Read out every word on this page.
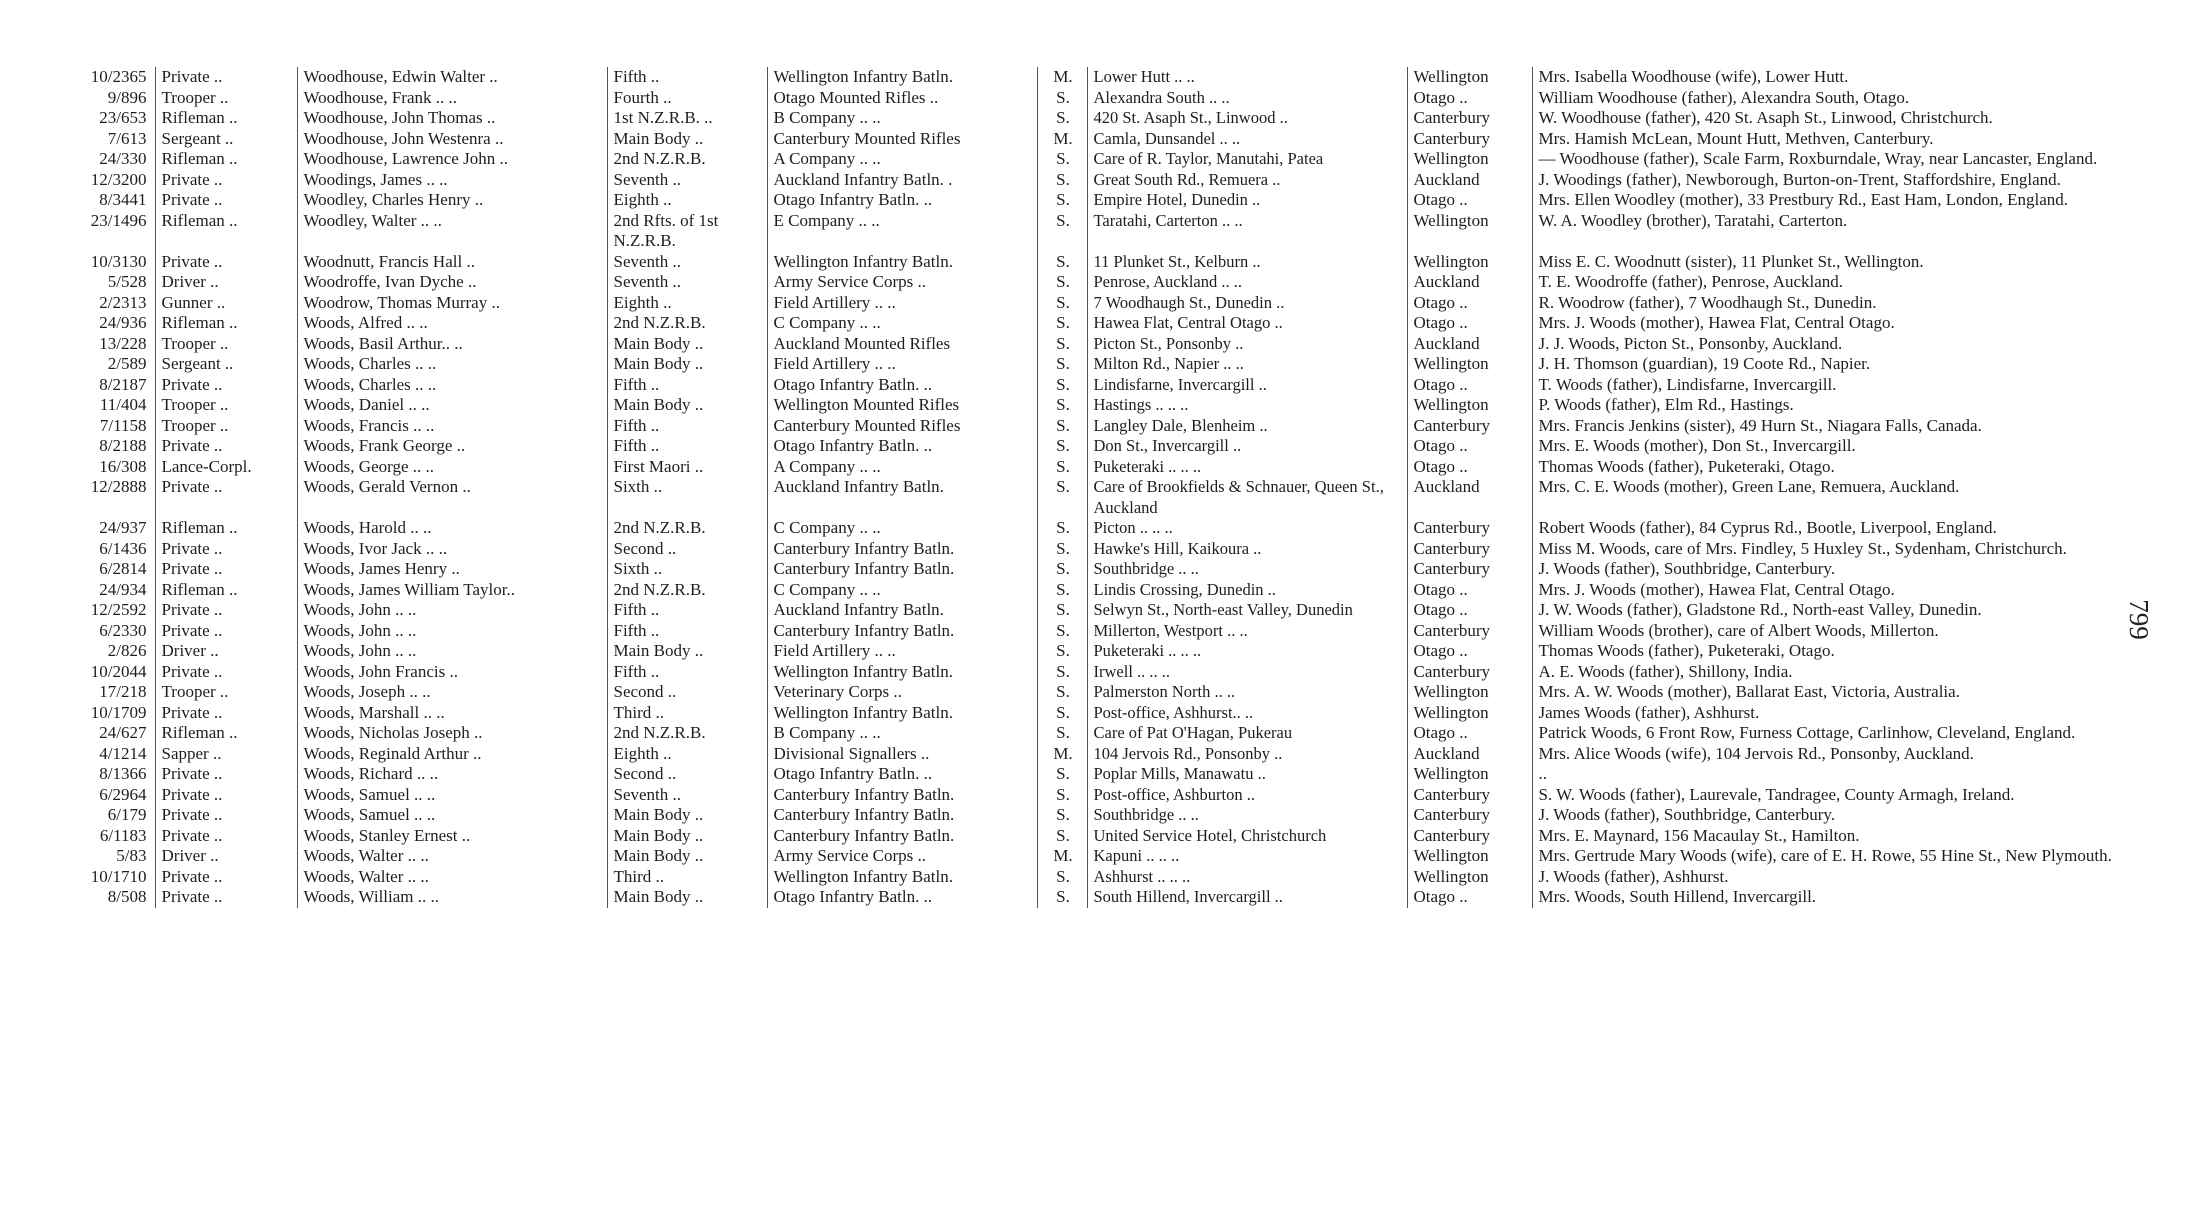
10/2365	Private ..	Woodhouse, Edwin Walter ..	Fifth ..	Wellington Infantry Batln.	M.	Lower Hutt .. ..	Wellington	Mrs. Isabella Woodhouse (wife), Lower Hutt.
9/896	Trooper ..	Woodhouse, Frank .. ..	Fourth ..	Otago Mounted Rifles ..	S.	Alexandra South .. ..	Otago ..	William Woodhouse (father), Alexandra South, Otago.
23/653	Rifleman ..	Woodhouse, John Thomas ..	1st N.Z.R.B. ..	B Company .. ..	S.	420 St. Asaph St., Linwood ..	Canterbury	W. Woodhouse (father), 420 St. Asaph St., Linwood, Christchurch.
7/613	Sergeant ..	Woodhouse, John Westenra ..	Main Body ..	Canterbury Mounted Rifles	M.	Camla, Dunsandel .. ..	Canterbury	Mrs. Hamish McLean, Mount Hutt, Methven, Canterbury.
24/330	Rifleman ..	Woodhouse, Lawrence John ..	2nd N.Z.R.B.	A Company .. ..	S.	Care of R. Taylor, Manutahi, Patea	Wellington	— Woodhouse (father), Scale Farm, Roxburndale, Wray, near Lancaster, England.
12/3200	Private ..	Woodings, James .. ..	Seventh ..	Auckland Infantry Batln. .	S.	Great South Rd., Remuera ..	Auckland	J. Woodings (father), Newborough, Burton-on-Trent, Staffordshire, England.
8/3441	Private ..	Woodley, Charles Henry ..	Eighth ..	Otago Infantry Batln. ..	S.	Empire Hotel, Dunedin ..	Otago ..	Mrs. Ellen Woodley (mother), 33 Prestbury Rd., East Ham, London, England.
23/1496	Rifleman ..	Woodley, Walter .. ..	2nd Rfts. of 1st N.Z.R.B.	E Company .. ..	S.	Taratahi, Carterton .. ..	Wellington	W. A. Woodley (brother), Taratahi, Carterton.
10/3130	Private ..	Woodnutt, Francis Hall ..	Seventh ..	Wellington Infantry Batln.	S.	11 Plunket St., Kelburn ..	Wellington	Miss E. C. Woodnutt (sister), 11 Plunket St., Wellington.
5/528	Driver ..	Woodroffe, Ivan Dyche ..	Seventh ..	Army Service Corps ..	S.	Penrose, Auckland .. ..	Auckland	T. E. Woodroffe (father), Penrose, Auckland.
2/2313	Gunner ..	Woodrow, Thomas Murray ..	Eighth ..	Field Artillery .. ..	S.	7 Woodhaugh St., Dunedin ..	Otago ..	R. Woodrow (father), 7 Woodhaugh St., Dunedin.
24/936	Rifleman ..	Woods, Alfred .. ..	2nd N.Z.R.B.	C Company .. ..	S.	Hawea Flat, Central Otago ..	Otago ..	Mrs. J. Woods (mother), Hawea Flat, Central Otago.
13/228	Trooper ..	Woods, Basil Arthur.. ..	Main Body ..	Auckland Mounted Rifles	S.	Picton St., Ponsonby ..	Auckland	J. J. Woods, Picton St., Ponsonby, Auckland.
2/589	Sergeant ..	Woods, Charles .. ..	Main Body ..	Field Artillery .. ..	S.	Milton Rd., Napier .. ..	Wellington	J. H. Thomson (guardian), 19 Coote Rd., Napier.
8/2187	Private ..	Woods, Charles .. ..	Fifth ..	Otago Infantry Batln. ..	S.	Lindisfarne, Invercargill ..	Otago ..	T. Woods (father), Lindisfarne, Invercargill.
11/404	Trooper ..	Woods, Daniel .. ..	Main Body ..	Wellington Mounted Rifles	S.	Hastings .. .. ..	Wellington	P. Woods (father), Elm Rd., Hastings.
7/1158	Trooper ..	Woods, Francis .. ..	Fifth ..	Canterbury Mounted Rifles	S.	Langley Dale, Blenheim ..	Canterbury	Mrs. Francis Jenkins (sister), 49 Hurn St., Niagara Falls, Canada.
8/2188	Private ..	Woods, Frank George ..	Fifth ..	Otago Infantry Batln. ..	S.	Don St., Invercargill ..	Otago ..	Mrs. E. Woods (mother), Don St., Invercargill.
16/308	Lance-Corpl.	Woods, George .. ..	First Maori ..	A Company .. ..	S.	Puketeraki .. .. ..	Otago ..	Thomas Woods (father), Puketeraki, Otago.
12/2888	Private ..	Woods, Gerald Vernon ..	Sixth ..	Auckland Infantry Batln.	S.	Care of Brookfields & Schnauer, Queen St., Auckland	Auckland	Mrs. C. E. Woods (mother), Green Lane, Remuera, Auckland.
24/937	Rifleman ..	Woods, Harold .. ..	2nd N.Z.R.B.	C Company .. ..	S.	Picton .. .. ..	Canterbury	Robert Woods (father), 84 Cyprus Rd., Bootle, Liverpool, England.
6/1436	Private ..	Woods, Ivor Jack .. ..	Second ..	Canterbury Infantry Batln.	S.	Hawke's Hill, Kaikoura ..	Canterbury	Miss M. Woods, care of Mrs. Findley, 5 Huxley St., Sydenham, Christchurch.
6/2814	Private ..	Woods, James Henry ..	Sixth ..	Canterbury Infantry Batln.	S.	Southbridge .. ..	Canterbury	J. Woods (father), Southbridge, Canterbury.
24/934	Rifleman ..	Woods, James William Taylor..	2nd N.Z.R.B.	C Company .. ..	S.	Lindis Crossing, Dunedin ..	Otago ..	Mrs. J. Woods (mother), Hawea Flat, Central Otago.
12/2592	Private ..	Woods, John .. ..	Fifth ..	Auckland Infantry Batln.	S.	Selwyn St., North-east Valley, Dunedin	Otago ..	J. W. Woods (father), Gladstone Rd., North-east Valley, Dunedin.
6/2330	Private ..	Woods, John .. ..	Fifth ..	Canterbury Infantry Batln.	S.	Millerton, Westport .. ..	Canterbury	William Woods (brother), care of Albert Woods, Millerton.
2/826	Driver ..	Woods, John .. ..	Main Body ..	Field Artillery .. ..	S.	Puketeraki .. .. ..	Otago ..	Thomas Woods (father), Puketeraki, Otago.
10/2044	Private ..	Woods, John Francis ..	Fifth ..	Wellington Infantry Batln.	S.	Irwell .. .. ..	Canterbury	A. E. Woods (father), Shillony, India.
17/218	Trooper ..	Woods, Joseph .. ..	Second ..	Veterinary Corps ..	S.	Palmerston North .. ..	Wellington	Mrs. A. W. Woods (mother), Ballarat East, Victoria, Australia.
10/1709	Private ..	Woods, Marshall .. ..	Third ..	Wellington Infantry Batln.	S.	Post-office, Ashhurst.. ..	Wellington	James Woods (father), Ashhurst.
24/627	Rifleman ..	Woods, Nicholas Joseph ..	2nd N.Z.R.B.	B Company .. ..	S.	Care of Pat O'Hagan, Pukerau	Otago ..	Patrick Woods, 6 Front Row, Furness Cottage, Carlinhow, Cleveland, England.
4/1214	Sapper ..	Woods, Reginald Arthur ..	Eighth ..	Divisional Signallers ..	M.	104 Jervois Rd., Ponsonby ..	Auckland	Mrs. Alice Woods (wife), 104 Jervois Rd., Ponsonby, Auckland.
8/1366	Private ..	Woods, Richard .. ..	Second ..	Otago Infantry Batln. ..	S.	Poplar Mills, Manawatu ..	Wellington	..
6/2964	Private ..	Woods, Samuel .. ..	Seventh ..	Canterbury Infantry Batln.	S.	Post-office, Ashburton ..	Canterbury	S. W. Woods (father), Laurevale, Tandragee, County Armagh, Ireland.
6/179	Private ..	Woods, Samuel .. ..	Main Body ..	Canterbury Infantry Batln.	S.	Southbridge .. ..	Canterbury	J. Woods (father), Southbridge, Canterbury.
6/1183	Private ..	Woods, Stanley Ernest ..	Main Body ..	Canterbury Infantry Batln.	S.	United Service Hotel, Christchurch	Canterbury	Mrs. E. Maynard, 156 Macaulay St., Hamilton.
5/83	Driver ..	Woods, Walter .. ..	Main Body ..	Army Service Corps ..	M.	Kapuni .. .. ..	Wellington	Mrs. Gertrude Mary Woods (wife), care of E. H. Rowe, 55 Hine St., New Plymouth.
10/1710	Private ..	Woods, Walter .. ..	Third ..	Wellington Infantry Batln.	S.	Ashhurst .. .. ..	Wellington	J. Woods (father), Ashhurst.
8/508	Private ..	Woods, William .. ..	Main Body ..	Otago Infantry Batln. ..	S.	South Hillend, Invercargill ..	Otago ..	Mrs. Woods, South Hillend, Invercargill.
799
